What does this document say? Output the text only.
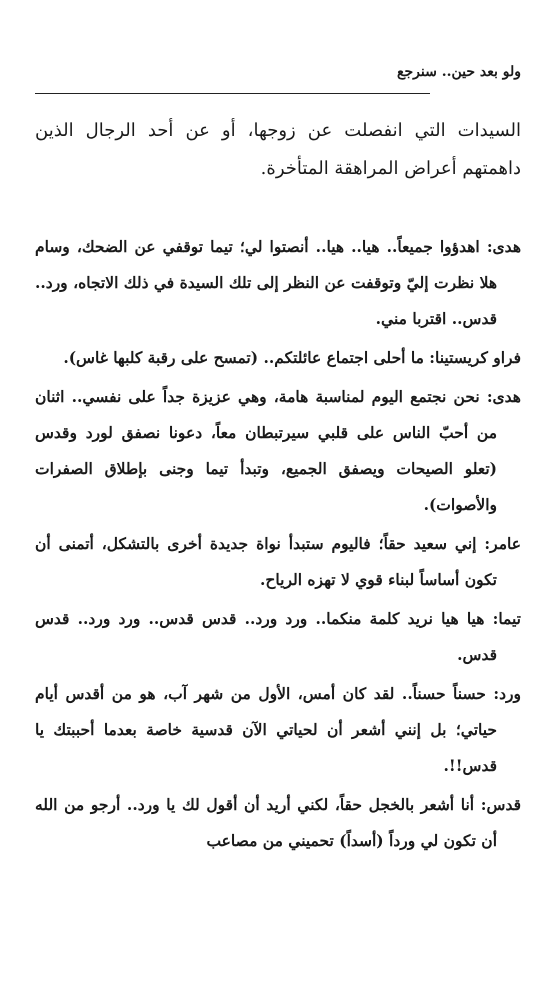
ولو بعد حين.. سنرجع

السيدات التي انفصلت عن زوجها، أو عن أحد الرجال الذين داهمتهم أعراض المراهقة المتأخرة.

هدى: اهدؤوا جميعاً.. هيا.. هيا.. أنصتوا لي؛ تيما توقفي عن الضحك، وسام هلا نظرت إليّ وتوقفت عن النظر إلى تلك السيدة في ذلك الاتجاه، ورد.. قدس.. اقتربا مني.

فراو كريستينا: ما أحلى اجتماع عائلتكم.. (تمسح على رقبة كلبها غاس).

هدى: نحن نجتمع اليوم لمناسبة هامة، وهي عزيزة جداً على نفسي.. اثنان من أحبّ الناس على قلبي سيرتبطان معاً، دعونا نصفق لورد وقدس (تعلو الصيحات ويصفق الجميع، وتبدأ تيما وجنى بإطلاق الصفرات والأصوات).

عامر: إني سعيد حقاً؛ فاليوم ستبدأ نواة جديدة أخرى بالتشكل، أتمنى أن تكون أساساً لبناء قوي لا تهزه الرياح.

تيما: هيا هيا نريد كلمة منكما.. ورد ورد.. قدس قدس.. ورد ورد.. قدس قدس.

ورد: حسناً حسناً.. لقد كان أمس، الأول من شهر آب، هو من أقدس أيام حياتي؛ بل إنني أشعر أن لحياتي الآن قدسية خاصة بعدما أحببتك يا قدس!!.

قدس: أنا أشعر بالخجل حقاً، لكني أريد أن أقول لك يا ورد.. أرجو من الله أن تكون لي ورداً (أسداً) تحميني من مصاعب
